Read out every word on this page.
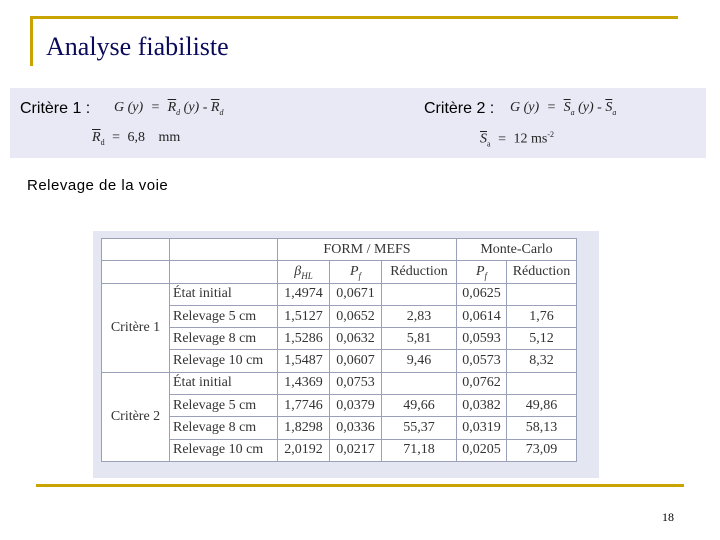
Analyse fiabiliste
Critère 1 : G $(y) = \overline{R}_d$ $(y) - \overline{R}_d$
$\overline{R}_d = 6,8$ mm
Critère 2 : G $(y) = \overline{S}_a$ $(y) - \overline{S}_a$
$\overline{S}_a = 12$ $ms^{-2}$
Relevage de la voie
		FORM / MEFS			Monte-Carlo	
		$\beta_{HL}$	$P_f$	Réduction	$P_f$	Réduction
Critère 1	État initial	1,4974	0,0671		0,0625	
	Relevage 5 cm	1,5127	0,0652	2,83	0,0614	1,76
	Relevage 8 cm	1,5286	0,0632	5,81	0,0593	5,12
	Relevage 10 cm	1,5487	0,0607	9,46	0,0573	8,32
Critère 2	État initial	1,4369	0,0753		0,0762	
	Relevage 5 cm	1,7746	0,0379	49,66	0,0382	49,86
	Relevage 8 cm	1,8298	0,0336	55,37	0,0319	58,13
	Relevage 10 cm	2,0192	0,0217	71,18	0,0205	73,09
18
